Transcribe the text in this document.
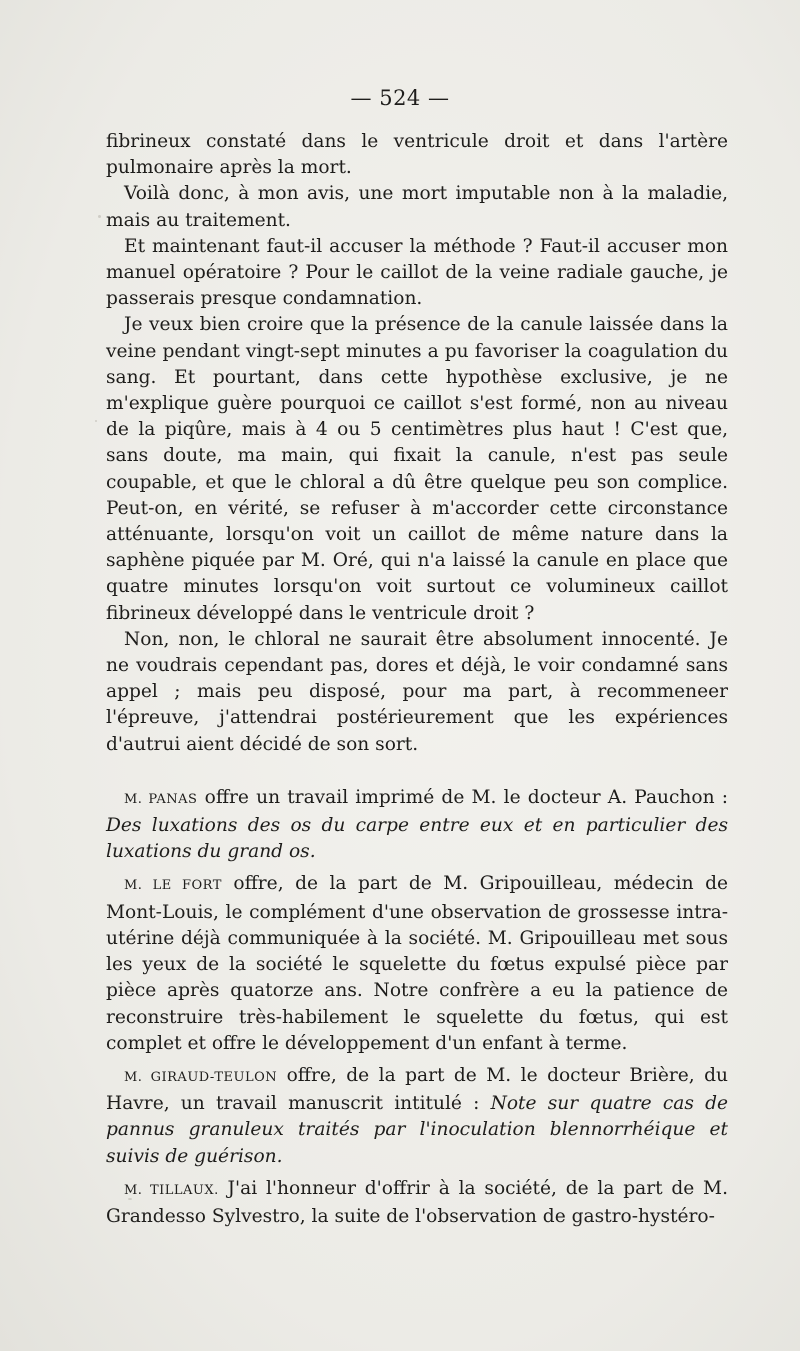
— 524 —

fibrineux constaté dans le ventricule droit et dans l'artère pulmonaire après la mort.

Voilà donc, à mon avis, une mort imputable non à la maladie, mais au traitement.

Et maintenant faut-il accuser la méthode ? Faut-il accuser mon manuel opératoire ? Pour le caillot de la veine radiale gauche, je passerais presque condamnation.

Je veux bien croire que la présence de la canule laissée dans la veine pendant vingt-sept minutes a pu favoriser la coagulation du sang. Et pourtant, dans cette hypothèse exclusive, je ne m'explique guère pourquoi ce caillot s'est formé, non au niveau de la piqûre, mais à 4 ou 5 centimètres plus haut ! C'est que, sans doute, ma main, qui fixait la canule, n'est pas seule coupable, et que le chloral a dû être quelque peu son complice. Peut-on, en vérité, se refuser à m'accorder cette circonstance atténuante, lorsqu'on voit un caillot de même nature dans la saphène piquée par M. Oré, qui n'a laissé la canule en place que quatre minutes lorsqu'on voit surtout ce volumineux caillot fibrineux développé dans le ventricule droit ?

Non, non, le chloral ne saurait être absolument innocenté. Je ne voudrais cependant pas, dores et déjà, le voir condamné sans appel ; mais peu disposé, pour ma part, à recommeneer l'épreuve, j'attendrai postérieurement que les expériences d'autrui aient décidé de son sort.

M. PANAS offre un travail imprimé de M. le docteur A. Pauchon : Des luxations des os du carpe entre eux et en particulier des luxations du grand os.

M. LE FORT offre, de la part de M. Gripouilleau, médecin de Mont-Louis, le complément d'une observation de grossesse intra-utérine déjà communiquée à la société. M. Gripouilleau met sous les yeux de la société le squelette du fœtus expulsé pièce par pièce après quatorze ans. Notre confrère a eu la patience de reconstruire très-habilement le squelette du fœtus, qui est complet et offre le développement d'un enfant à terme.

M. GIRAUD-TEULON offre, de la part de M. le docteur Brière, du Havre, un travail manuscrit intitulé : Note sur quatre cas de pannus granuleux traités par l'inoculation blennorrhéique et suivis de guérison.

M. TILLAUX. J'ai l'honneur d'offrir à la société, de la part de M. Grandesso Sylvestro, la suite de l'observation de gastro-hystéro-
